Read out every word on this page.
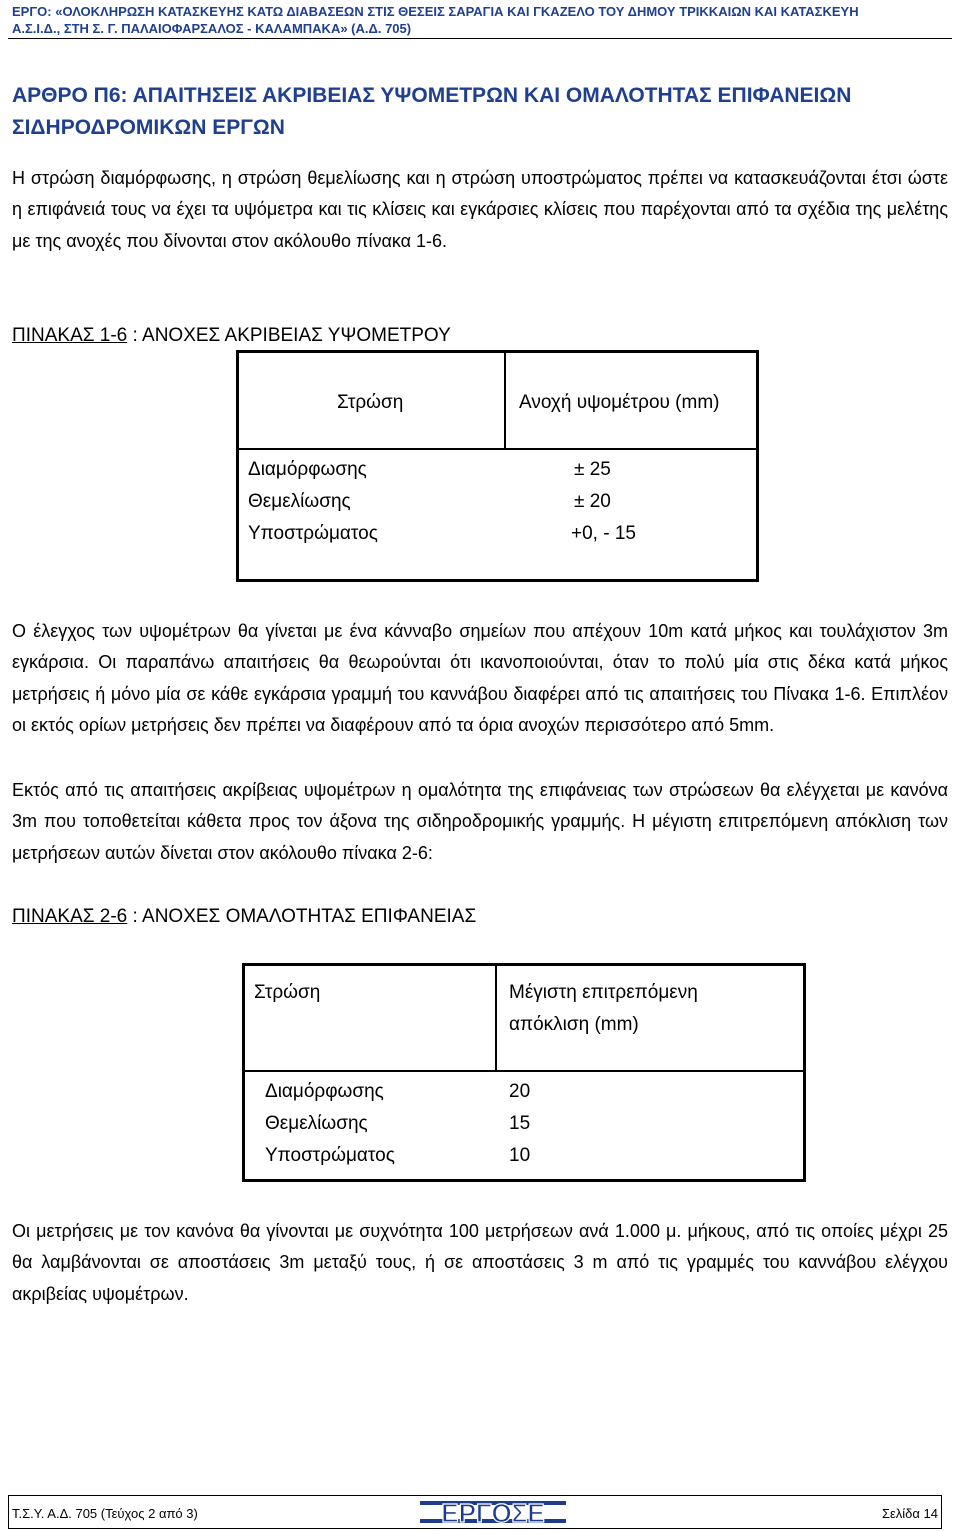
ΕΡΓΟ: «ΟΛΟΚΛΗΡΩΣΗ ΚΑΤΑΣΚΕΥΗΣ ΚΑΤΩ ΔΙΑΒΑΣΕΩΝ ΣΤΙΣ ΘΕΣΕΙΣ ΣΑΡΑΓΙΑ ΚΑΙ ΓΚΑΖΕΛΟ ΤΟΥ ΔΗΜΟΥ ΤΡΙΚΚΑΙΩΝ ΚΑΙ ΚΑΤΑΣΚΕΥΗ
Α.Σ.Ι.Δ., ΣΤΗ Σ. Γ. ΠΑΛΑΙΟΦΑΡΣΑΛΟΣ - ΚΑΛΑΜΠΑΚΑ» (Α.Δ. 705)
ΑΡΘΡΟ Π6: ΑΠΑΙΤΗΣΕΙΣ ΑΚΡΙΒΕΙΑΣ ΥΨΟΜΕΤΡΩΝ ΚΑΙ ΟΜΑΛΟΤΗΤΑΣ ΕΠΙΦΑΝΕΙΩΝ ΣΙΔΗΡΟΔΡΟΜΙΚΩΝ ΕΡΓΩΝ
Η στρώση διαμόρφωσης, η στρώση θεμελίωσης και η στρώση υποστρώματος πρέπει να κατασκευάζονται έτσι ώστε η επιφάνειά τους να έχει τα υψόμετρα και τις κλίσεις και εγκάρσιες κλίσεις που παρέχονται από τα σχέδια της μελέτης με της ανοχές που δίνονται στον ακόλουθο πίνακα 1-6.
ΠΙΝΑΚΑΣ 1-6 : ΑΝΟΧΕΣ ΑΚΡΙΒΕΙΑΣ ΥΨΟΜΕΤΡΟΥ
Στρώση	Ανοχή υψομέτρου (mm)
Διαμόρφωσης	± 25
Θεμελίωσης	± 20
Υποστρώματος	+0, - 15
Ο έλεγχος των υψομέτρων θα γίνεται με ένα κάνναβο σημείων που απέχουν 10m κατά μήκος και τουλάχιστον 3m εγκάρσια. Οι παραπάνω απαιτήσεις θα θεωρούνται ότι ικανοποιούνται, όταν το πολύ μία στις δέκα κατά μήκος μετρήσεις ή μόνο μία σε κάθε εγκάρσια γραμμή του καννάβου διαφέρει από τις απαιτήσεις του Πίνακα 1-6. Επιπλέον οι εκτός ορίων μετρήσεις δεν πρέπει να διαφέρουν από τα όρια ανοχών περισσότερο από 5mm.
Εκτός από τις απαιτήσεις ακρίβειας υψομέτρων η ομαλότητα της επιφάνειας των στρώσεων θα ελέγχεται με κανόνα 3m που τοποθετείται κάθετα προς τον άξονα της σιδηροδρομικής γραμμής. Η μέγιστη επιτρεπόμενη απόκλιση των μετρήσεων αυτών δίνεται στον ακόλουθο πίνακα 2-6:
ΠΙΝΑΚΑΣ 2-6 : ΑΝΟΧΕΣ ΟΜΑΛΟΤΗΤΑΣ ΕΠΙΦΑΝΕΙΑΣ
Στρώση	Μέγιστη επιτρεπόμενη
απόκλιση (mm)
Διαμόρφωσης	20
Θεμελίωσης	15
Υποστρώματος	10
Οι μετρήσεις με τον κανόνα θα γίνονται με συχνότητα 100 μετρήσεων ανά 1.000 μ. μήκους, από τις οποίες μέχρι 25 θα λαμβάνονται σε αποστάσεις 3m μεταξύ τους, ή σε αποστάσεις 3 m από τις γραμμές του καννάβου ελέγχου ακριβείας υψομέτρων.
Τ.Σ.Υ. Α.Δ. 705 (Τεύχος 2 από 3)	ΕΡΓΟΣΕ	Σελίδα 14
